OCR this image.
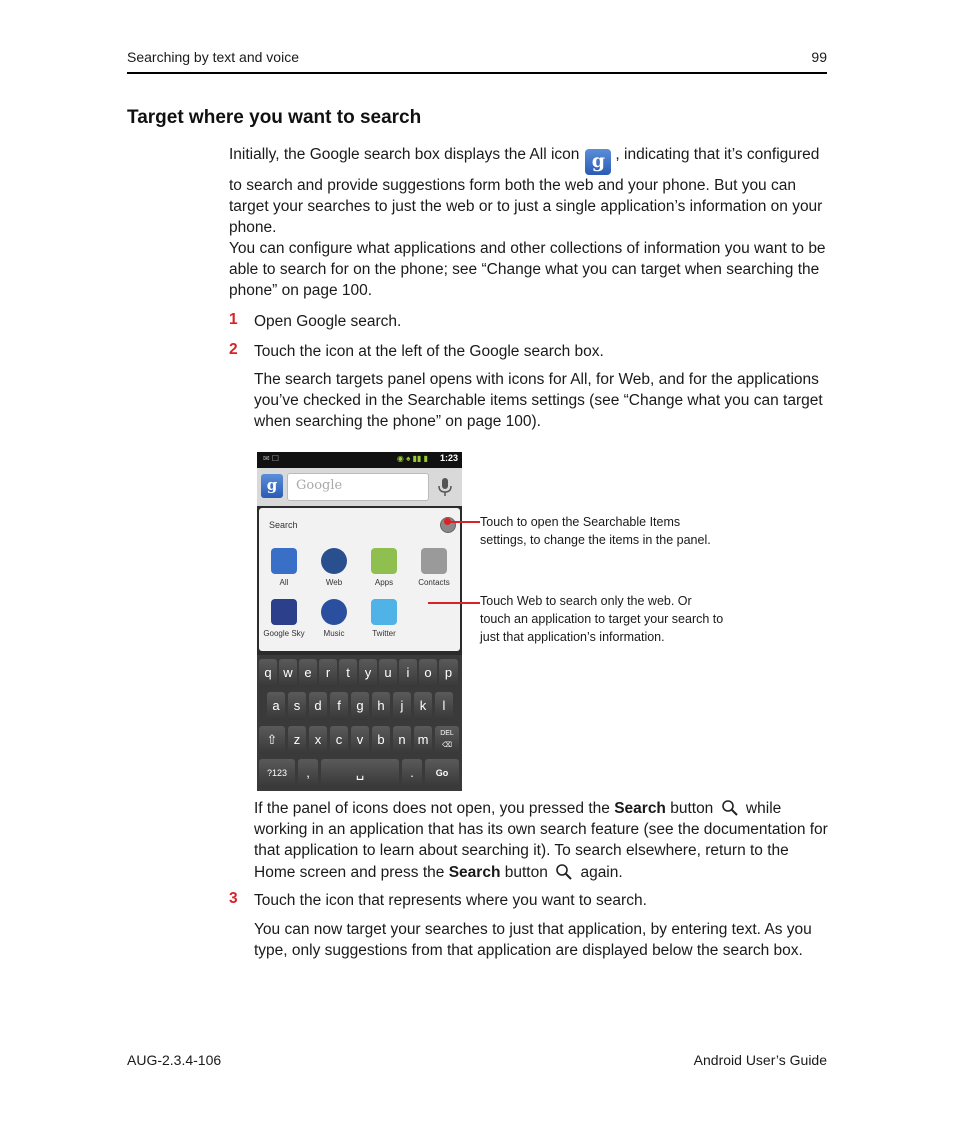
Searching by text and voice	99
Target where you want to search
Initially, the Google search box displays the All icon g , indicating that it’s configured to search and provide suggestions form both the web and your phone. But you can target your searches to just the web or to just a single application’s information on your phone.
You can configure what applications and other collections of information you want to be able to search for on the phone; see “Change what you can target when searching the phone” on page 100.
1 Open Google search.
2 Touch the icon at the left of the Google search box.
The search targets panel opens with icons for All, for Web, and for the applications you’ve checked in the Searchable items settings (see “Change what you can target when searching the phone” on page 100).
✉ ☐	◉ ♠ ▮▮ ▮ 1:23
g	Google
Search
All	Web	Apps	Contacts
Google Sky	Music	Twitter
q w e	r	t	y	u	i	o	p
a	s	d	f	g	h	j	k	l
⇧	z	x	c	v	b	n m	DEL
⌫
?123	,	␣	.	Go
Touch to open the Searchable Items settings, to change the items in the panel.
Touch Web to search only the web. Or touch an application to target your search to just that application’s information.
If the panel of icons does not open, you pressed the Search button  while working in an application that has its own search feature (see the documentation for that application to learn about searching it). To search elsewhere, return to the Home screen and press the Search button  again.
3 Touch the icon that represents where you want to search.
You can now target your searches to just that application, by entering text. As you type, only suggestions from that application are displayed below the search box.
AUG-2.3.4-106	Android User’s Guide
